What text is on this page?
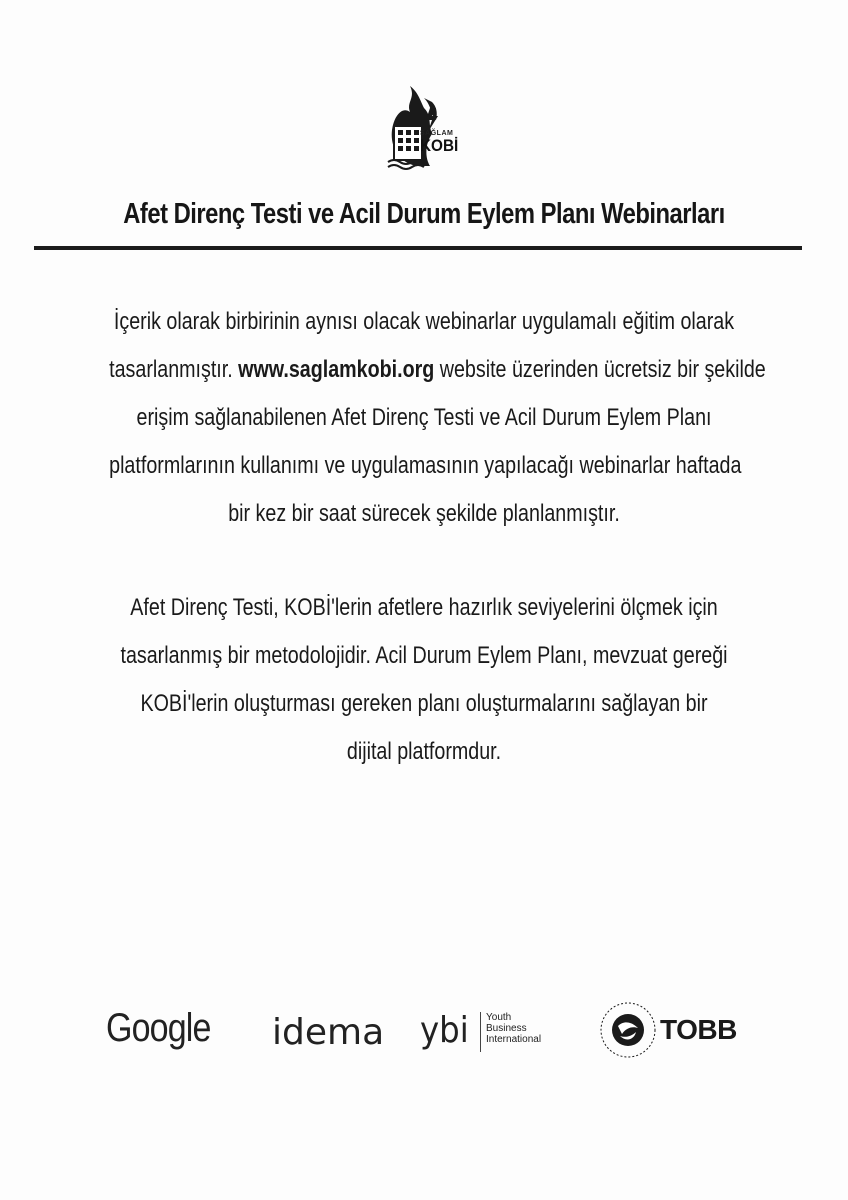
SAĞLAM
KOBİ
Afet Direnç Testi ve Acil Durum Eylem Planı Webinarları
İçerik olarak birbirinin aynısı olacak webinarlar uygulamalı eğitim olarak
tasarlanmıştır. www.saglamkobi.org website üzerinden ücretsiz bir şekilde
erişim sağlanabilenen Afet Direnç Testi ve Acil Durum Eylem Planı
platformlarının kullanımı ve uygulamasının yapılacağı webinarlar haftada
bir kez bir saat sürecek şekilde planlanmıştır.
Afet Direnç Testi, KOBİ'lerin afetlere hazırlık seviyelerini ölçmek için
tasarlanmış bir metodolojidir. Acil Durum Eylem Planı, mevzuat gereği
KOBİ'lerin oluşturması gereken planı oluşturmalarını sağlayan bir
dijital platformdur.
Google idema ybi Youth
Business
International	TOBB
